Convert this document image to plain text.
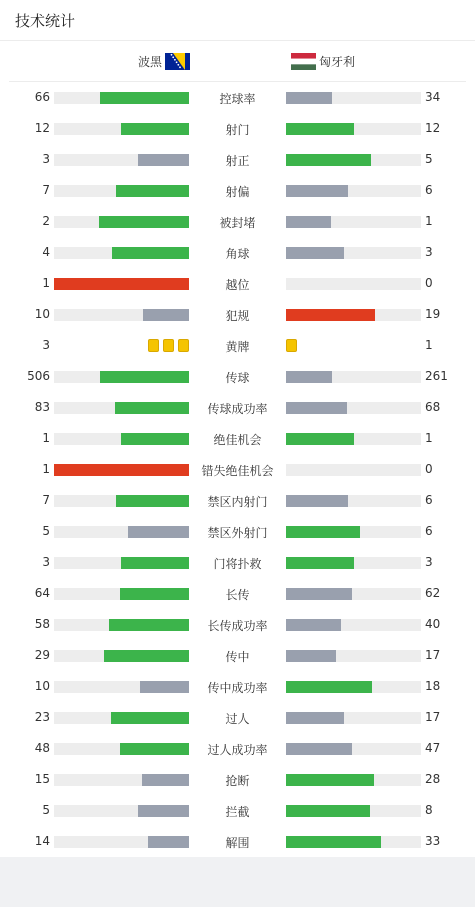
技术统计
波黑	匈牙利
66	控球率	34
12	射门	12
3	射正	5
7	射偏	6
2	被封堵	1
4	角球	3
1	越位	0
10	犯规	19
3	黄牌	1
506	传球	261
83	传球成功率	68
1	绝佳机会	1
1	错失绝佳机会	0
7	禁区内射门	6
5	禁区外射门	6
3	门将扑救	3
64	长传	62
58	长传成功率	40
29	传中	17
10	传中成功率	18
23	过人	17
48	过人成功率	47
15	抢断	28
5	拦截	8
14	解围	33
